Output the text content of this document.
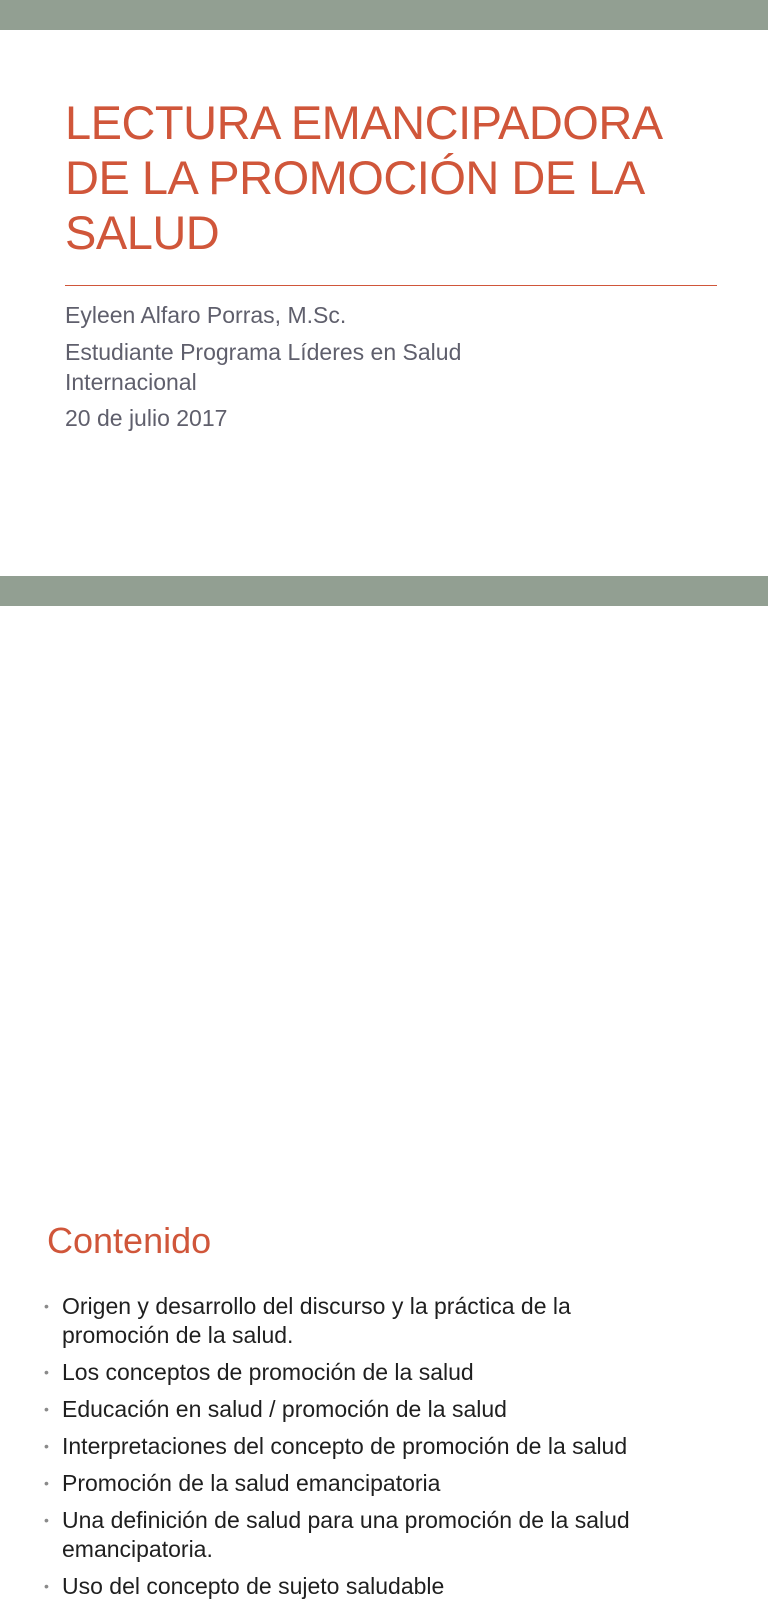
LECTURA EMANCIPADORA
DE LA PROMOCIÓN DE LA
SALUD
Eyleen Alfaro Porras, M.Sc.
Estudiante Programa Líderes en Salud
Internacional
20 de julio 2017
Contenido
• Origen y desarrollo del discurso y la práctica de la
promoción de la salud.
• Los conceptos de promoción de la salud
• Educación en salud / promoción de la salud
• Interpretaciones del concepto de promoción de la salud
• Promoción de la salud emancipatoria
• Una definición de salud para una promoción de la salud
emancipatoria.
• Uso del concepto de sujeto saludable
